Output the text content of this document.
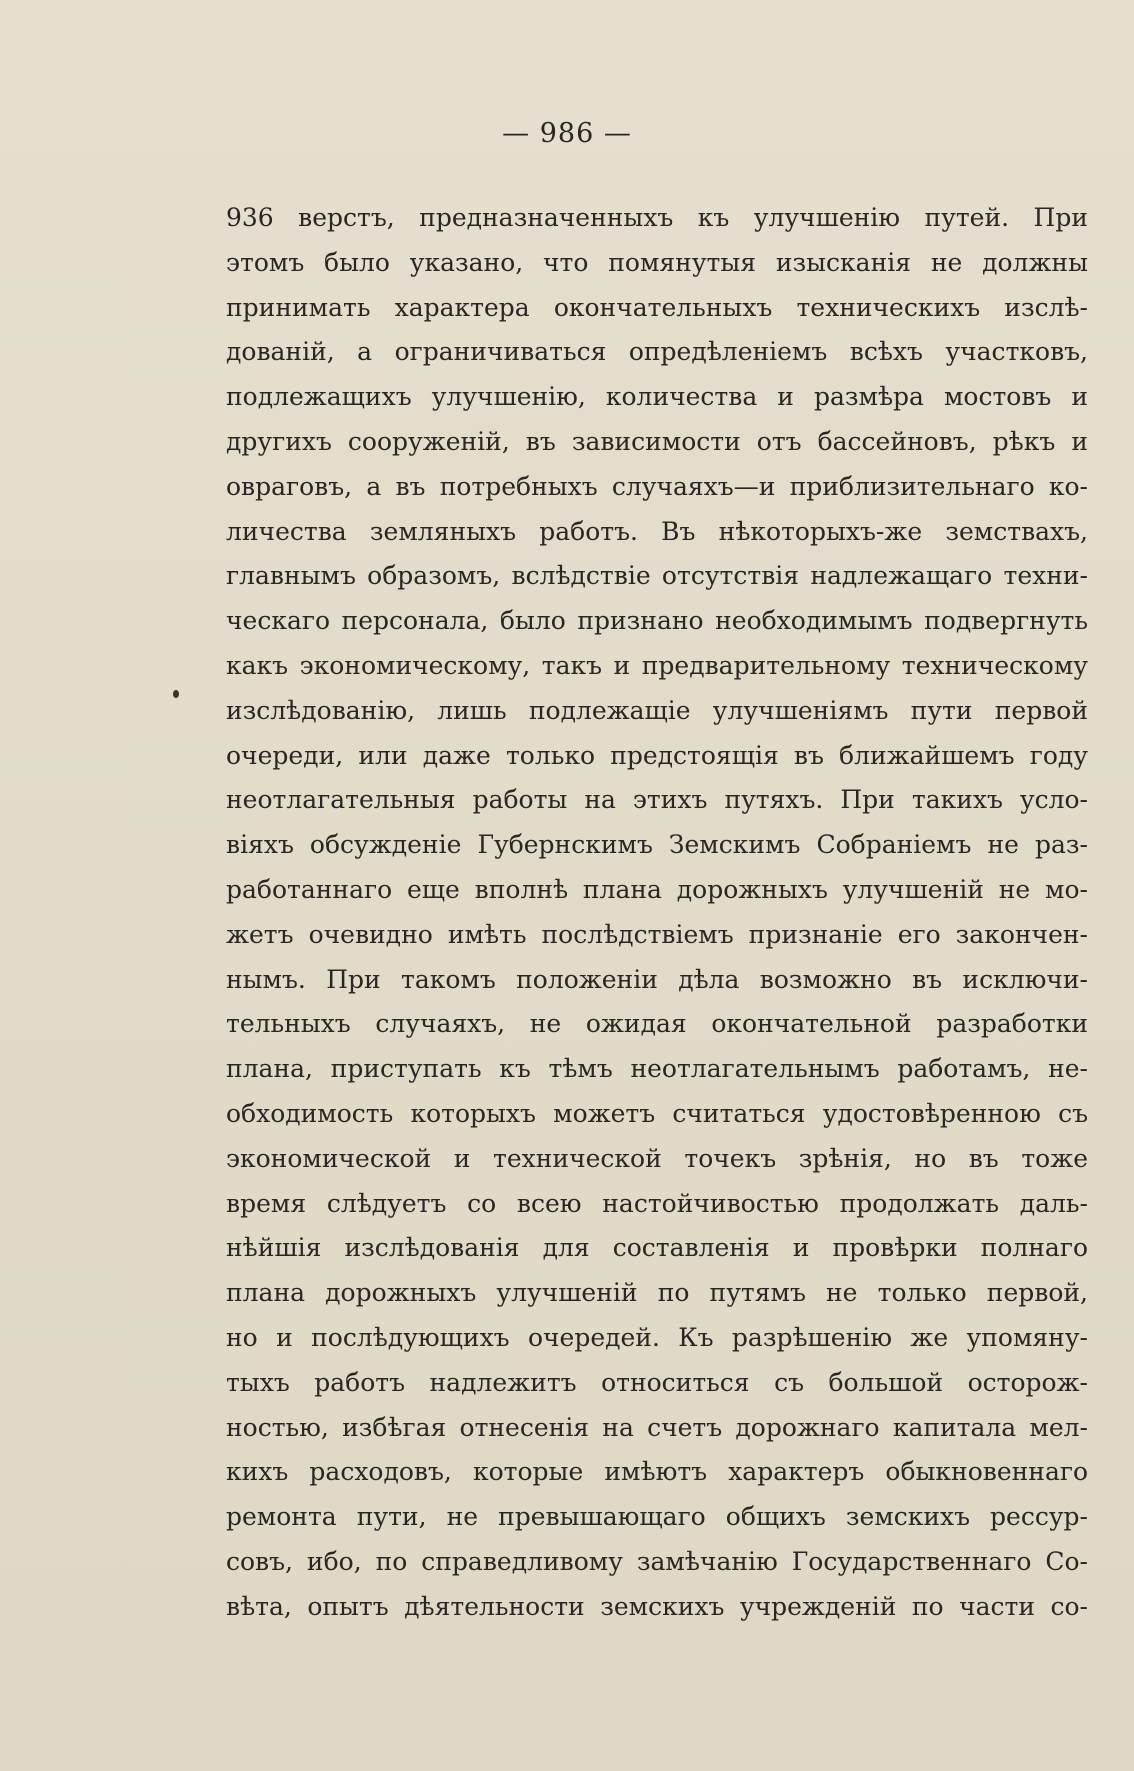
— 986 —
936 верстъ, предназначенныхъ къ улучшенію путей. При
этомъ было указано, что помянутыя изысканія не должны
принимать характера окончательныхъ техническихъ изслѣ-
дованій, а ограничиваться опредѣленіемъ всѣхъ участковъ,
подлежащихъ улучшенію, количества и размѣра мостовъ и
другихъ сооруженій, въ зависимости отъ бассейновъ, рѣкъ и
овраговъ, а въ потребныхъ случаяхъ—и приблизительнаго ко-
личества земляныхъ работъ. Въ нѣкоторыхъ-же земствахъ,
главнымъ образомъ, вслѣдствіе отсутствія надлежащаго техни-
ческаго персонала, было признано необходимымъ подвергнуть
какъ экономическому, такъ и предварительному техническому
изслѣдованію, лишь подлежащіе улучшеніямъ пути первой
очереди, или даже только предстоящія въ ближайшемъ году
неотлагательныя работы на этихъ путяхъ. При такихъ усло-
віяхъ обсужденіе Губернскимъ Земскимъ Собраніемъ не раз-
работаннаго еще вполнѣ плана дорожныхъ улучшеній не мо-
жетъ очевидно имѣть послѣдствіемъ признаніе его закончен-
нымъ. При такомъ положеніи дѣла возможно въ исключи-
тельныхъ случаяхъ, не ожидая окончательной разработки
плана, приступать къ тѣмъ неотлагательнымъ работамъ, не-
обходимость которыхъ можетъ считаться удостовѣренною съ
экономической и технической точекъ зрѣнія, но въ тоже
время слѣдуетъ со всею настойчивостью продолжать даль-
нѣйшія изслѣдованія для составленія и провѣрки полнаго
плана дорожныхъ улучшеній по путямъ не только первой,
но и послѣдующихъ очередей. Къ разрѣшенію же упомяну-
тыхъ работъ надлежитъ относиться съ большой осторож-
ностью, избѣгая отнесенія на счетъ дорожнаго капитала мел-
кихъ расходовъ, которые имѣютъ характеръ обыкновеннаго
ремонта пути, не превышающаго общихъ земскихъ рессур-
совъ, ибо, по справедливому замѣчанію Государственнаго Со-
вѣта, опытъ дѣятельности земскихъ учрежденій по части со-
